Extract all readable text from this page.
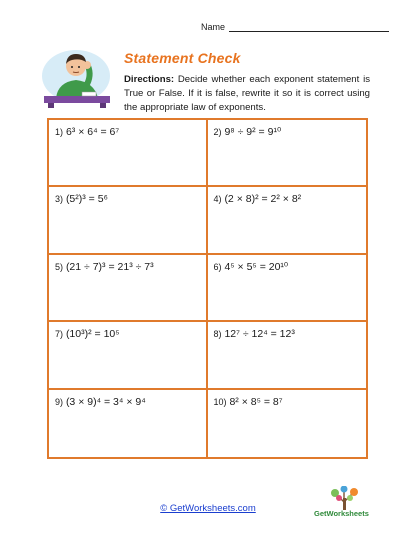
Name
Statement Check
Directions: Decide whether each exponent statement is True or False. If it is false, rewrite it so it is correct using the appropriate law of exponents.
1) 6³ × 6⁴ = 6⁷	2) 9⁸ ÷ 9² = 9¹⁰
3) (5²)³ = 5⁶	4) (2 × 8)² = 2² × 8²
5) (21 ÷ 7)³ = 21³ ÷ 7³	6) 4⁵ × 5⁵ = 20¹⁰
7) (10³)² = 10⁵	8) 12⁷ ÷ 12⁴ = 12³
9) (3 × 9)⁴ = 3⁴ × 9⁴	10) 8² × 8⁵ = 8⁷
© GetWorksheets.com	GetWorksheets
